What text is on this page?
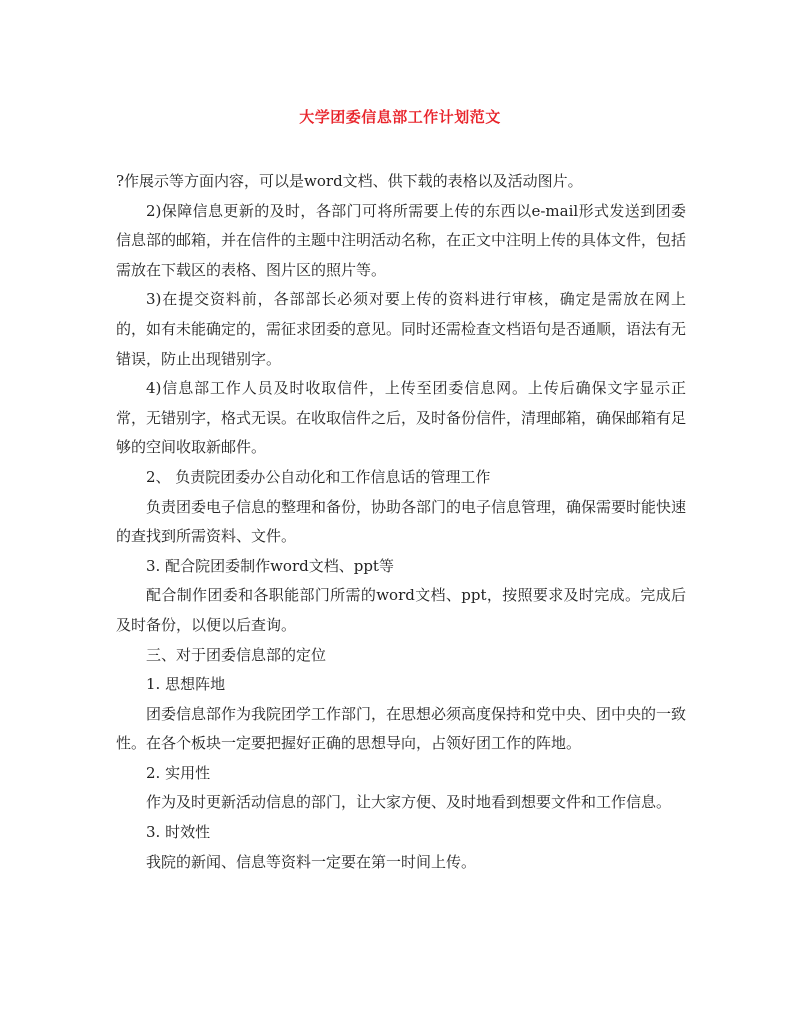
大学团委信息部工作计划范文

?作展示等方面内容，可以是word文档、供下载的表格以及活动图片。

2)保障信息更新的及时，各部门可将所需要上传的东西以e-mail形式发送到团委信息部的邮箱，并在信件的主题中注明活动名称，在正文中注明上传的具体文件，包括需放在下载区的表格、图片区的照片等。

3)在提交资料前，各部部长必须对要上传的资料进行审核，确定是需放在网上的，如有未能确定的，需征求团委的意见。同时还需检查文档语句是否通顺，语法有无错误，防止出现错别字。

4)信息部工作人员及时收取信件，上传至团委信息网。上传后确保文字显示正常，无错别字，格式无误。在收取信件之后，及时备份信件，清理邮箱，确保邮箱有足够的空间收取新邮件。

2、 负责院团委办公自动化和工作信息话的管理工作

负责团委电子信息的整理和备份，协助各部门的电子信息管理，确保需要时能快速的查找到所需资料、文件。

3. 配合院团委制作word文档、ppt等

配合制作团委和各职能部门所需的word文档、ppt，按照要求及时完成。完成后及时备份，以便以后查询。

三、对于团委信息部的定位

1. 思想阵地

团委信息部作为我院团学工作部门，在思想必须高度保持和党中央、团中央的一致性。在各个板块一定要把握好正确的思想导向，占领好团工作的阵地。

2. 实用性

作为及时更新活动信息的部门，让大家方便、及时地看到想要文件和工作信息。

3. 时效性

我院的新闻、信息等资料一定要在第一时间上传。
